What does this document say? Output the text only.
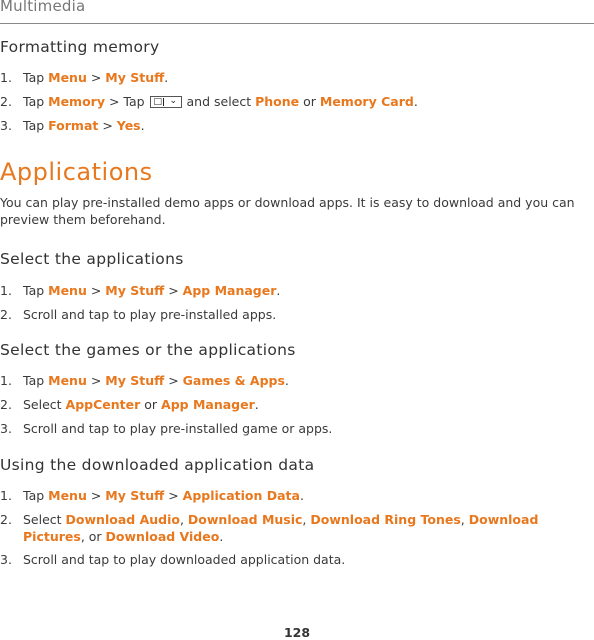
Multimedia
Formatting memory
1. Tap Menu > My Stuff.
2. Tap Memory > Tap □ ⌄ and select Phone or Memory Card.
3. Tap Format > Yes.
Applications
You can play pre-installed demo apps or download apps. It is easy to download and you can preview them beforehand.
Select the applications
1. Tap Menu > My Stuff > App Manager.
2. Scroll and tap to play pre-installed apps.
Select the games or the applications
1. Tap Menu > My Stuff > Games & Apps.
2. Select AppCenter or App Manager.
3. Scroll and tap to play pre-installed game or apps.
Using the downloaded application data
1. Tap Menu > My Stuff > Application Data.
2. Select Download Audio, Download Music, Download Ring Tones, Download Pictures, or Download Video.
3. Scroll and tap to play downloaded application data.
128
